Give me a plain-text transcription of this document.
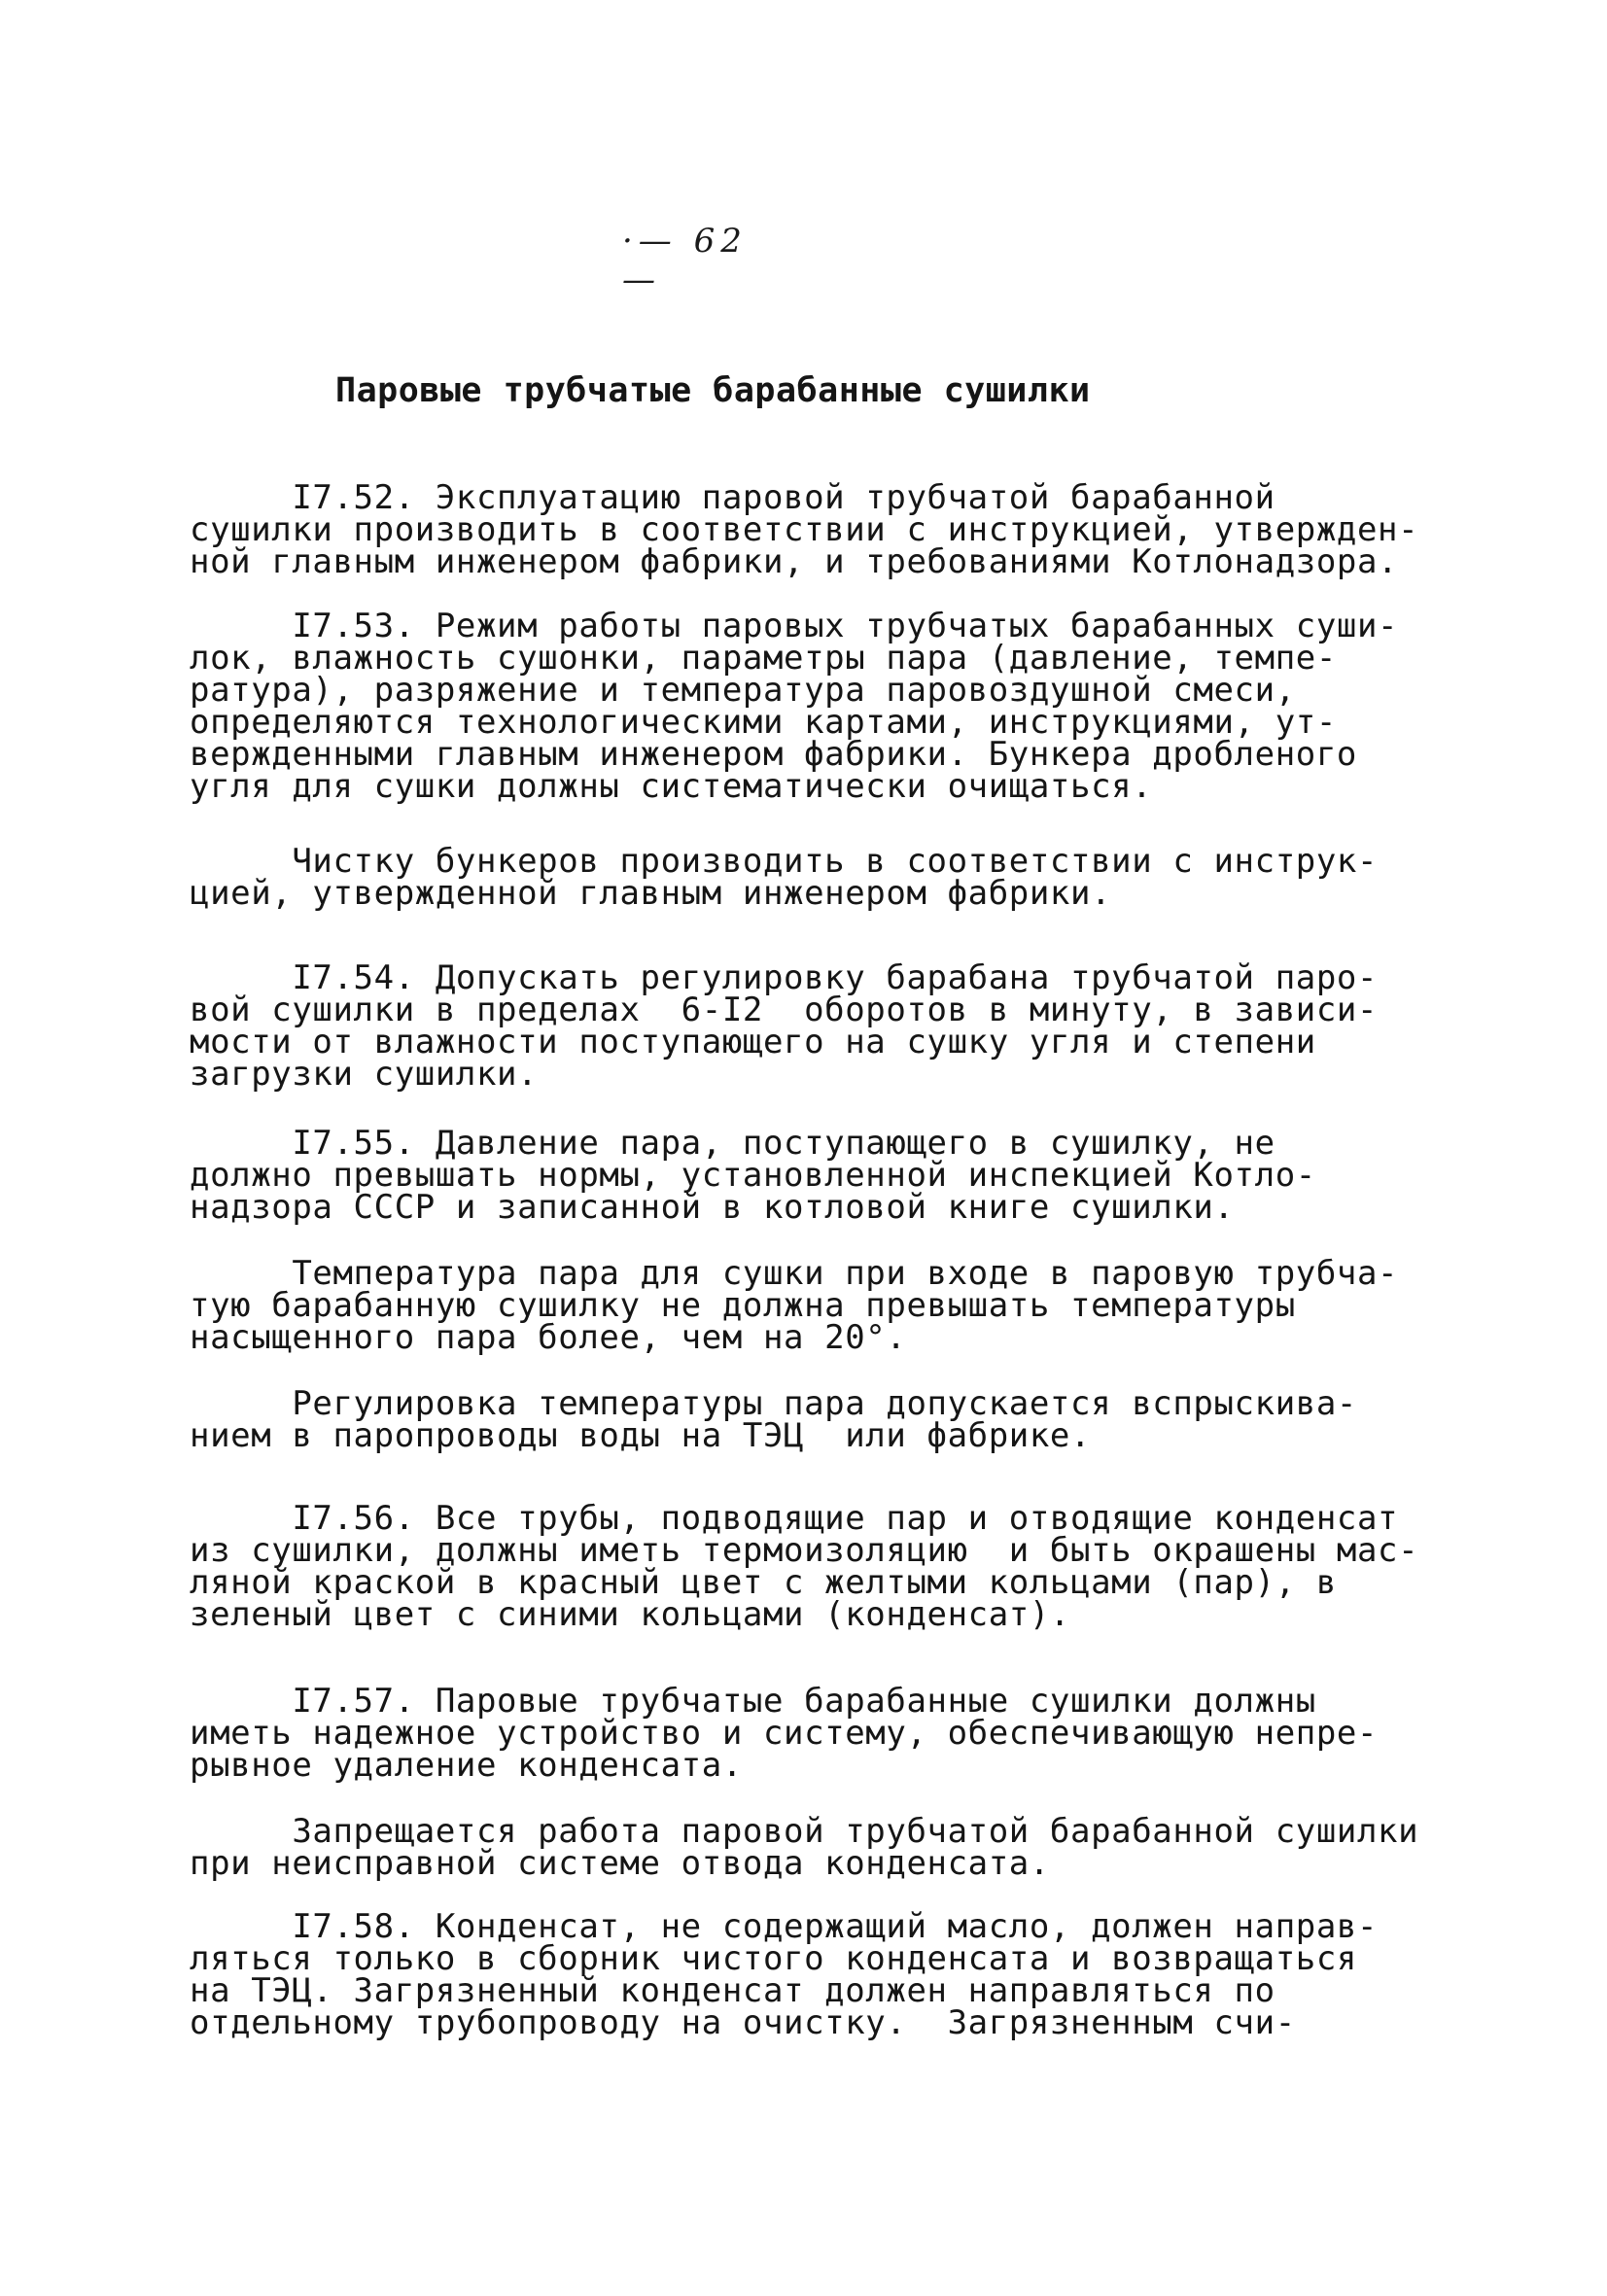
·— 62 —
Паровые трубчатые барабанные сушилки
I7.52. Эксплуатацию паровой трубчатой барабанной
сушилки производить в соответствии с инструкцией, утвержден-
ной главным инженером фабрики, и требованиями Котлонадзора.
I7.53. Режим работы паровых трубчатых барабанных суши-
лок, влажность сушонки, параметры пара (давление, темпе-
ратура), разряжение и температура паровоздушной смеси,
определяются технологическими картами, инструкциями, ут-
вержденными главным инженером фабрики. Бункера дробленого
угля для сушки должны систематически очищаться.
Чистку бункеров производить в соответствии с инструк-
цией, утвержденной главным инженером фабрики.
I7.54. Допускать регулировку барабана трубчатой паро-
вой сушилки в пределах  6-I2  оборотов в минуту, в зависи-
мости от влажности поступающего на сушку угля и степени
загрузки сушилки.
I7.55. Давление пара, поступающего в сушилку, не
должно превышать нормы, установленной инспекцией Котло-
надзора СССР и записанной в котловой книге сушилки.
Температура пара для сушки при входе в паровую трубча-
тую барабанную сушилку не должна превышать температуры
насыщенного пара более, чем на 20°.
Регулировка температуры пара допускается вспрыскива-
нием в паропроводы воды на ТЭЦ  или фабрике.
I7.56. Все трубы, подводящие пар и отводящие конденсат
из сушилки, должны иметь термоизоляцию  и быть окрашены мас-
ляной краской в красный цвет с желтыми кольцами (пар), в
зеленый цвет с синими кольцами (конденсат).
I7.57. Паровые трубчатые барабанные сушилки должны
иметь надежное устройство и систему, обеспечивающую непре-
рывное удаление конденсата.
Запрещается работа паровой трубчатой барабанной сушилки
при неисправной системе отвода конденсата.
I7.58. Конденсат, не содержащий масло, должен направ-
ляться только в сборник чистого конденсата и возвращаться
на ТЭЦ. Загрязненный конденсат должен направляться по
отдельному трубопроводу на очистку.  Загрязненным счи-
